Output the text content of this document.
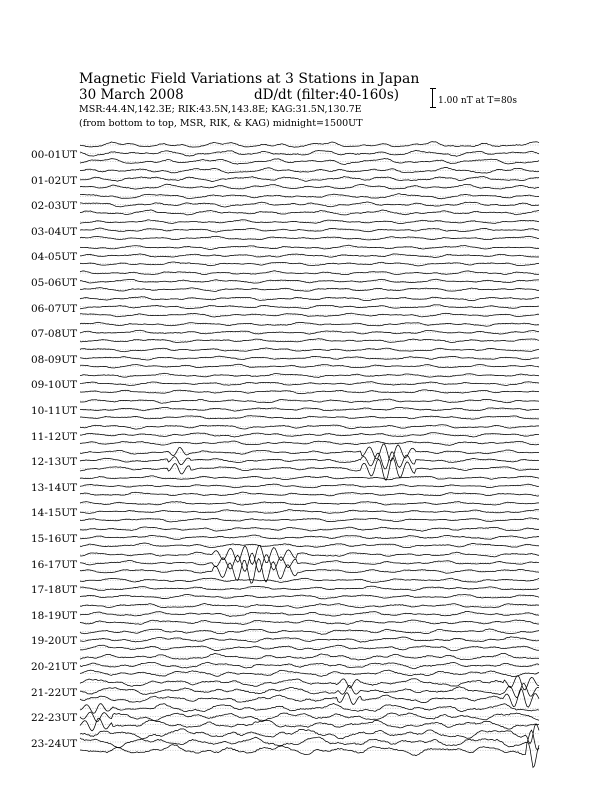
Magnetic Field Variations at 3 Stations in Japan
30 March 2008	dD/dt (filter:40-160s)
MSR:44.4N,142.3E; RIK:43.5N,143.8E; KAG:31.5N,130.7E
(from bottom to top, MSR, RIK, & KAG) midnight=1500UT
1.00 nT at T=80s
00-01UT
01-02UT
02-03UT
03-04UT
04-05UT
05-06UT
06-07UT
07-08UT
08-09UT
09-10UT
10-11UT
11-12UT
12-13UT
13-14UT
14-15UT
15-16UT
16-17UT
17-18UT
18-19UT
19-20UT
20-21UT
21-22UT
22-23UT
23-24UT
